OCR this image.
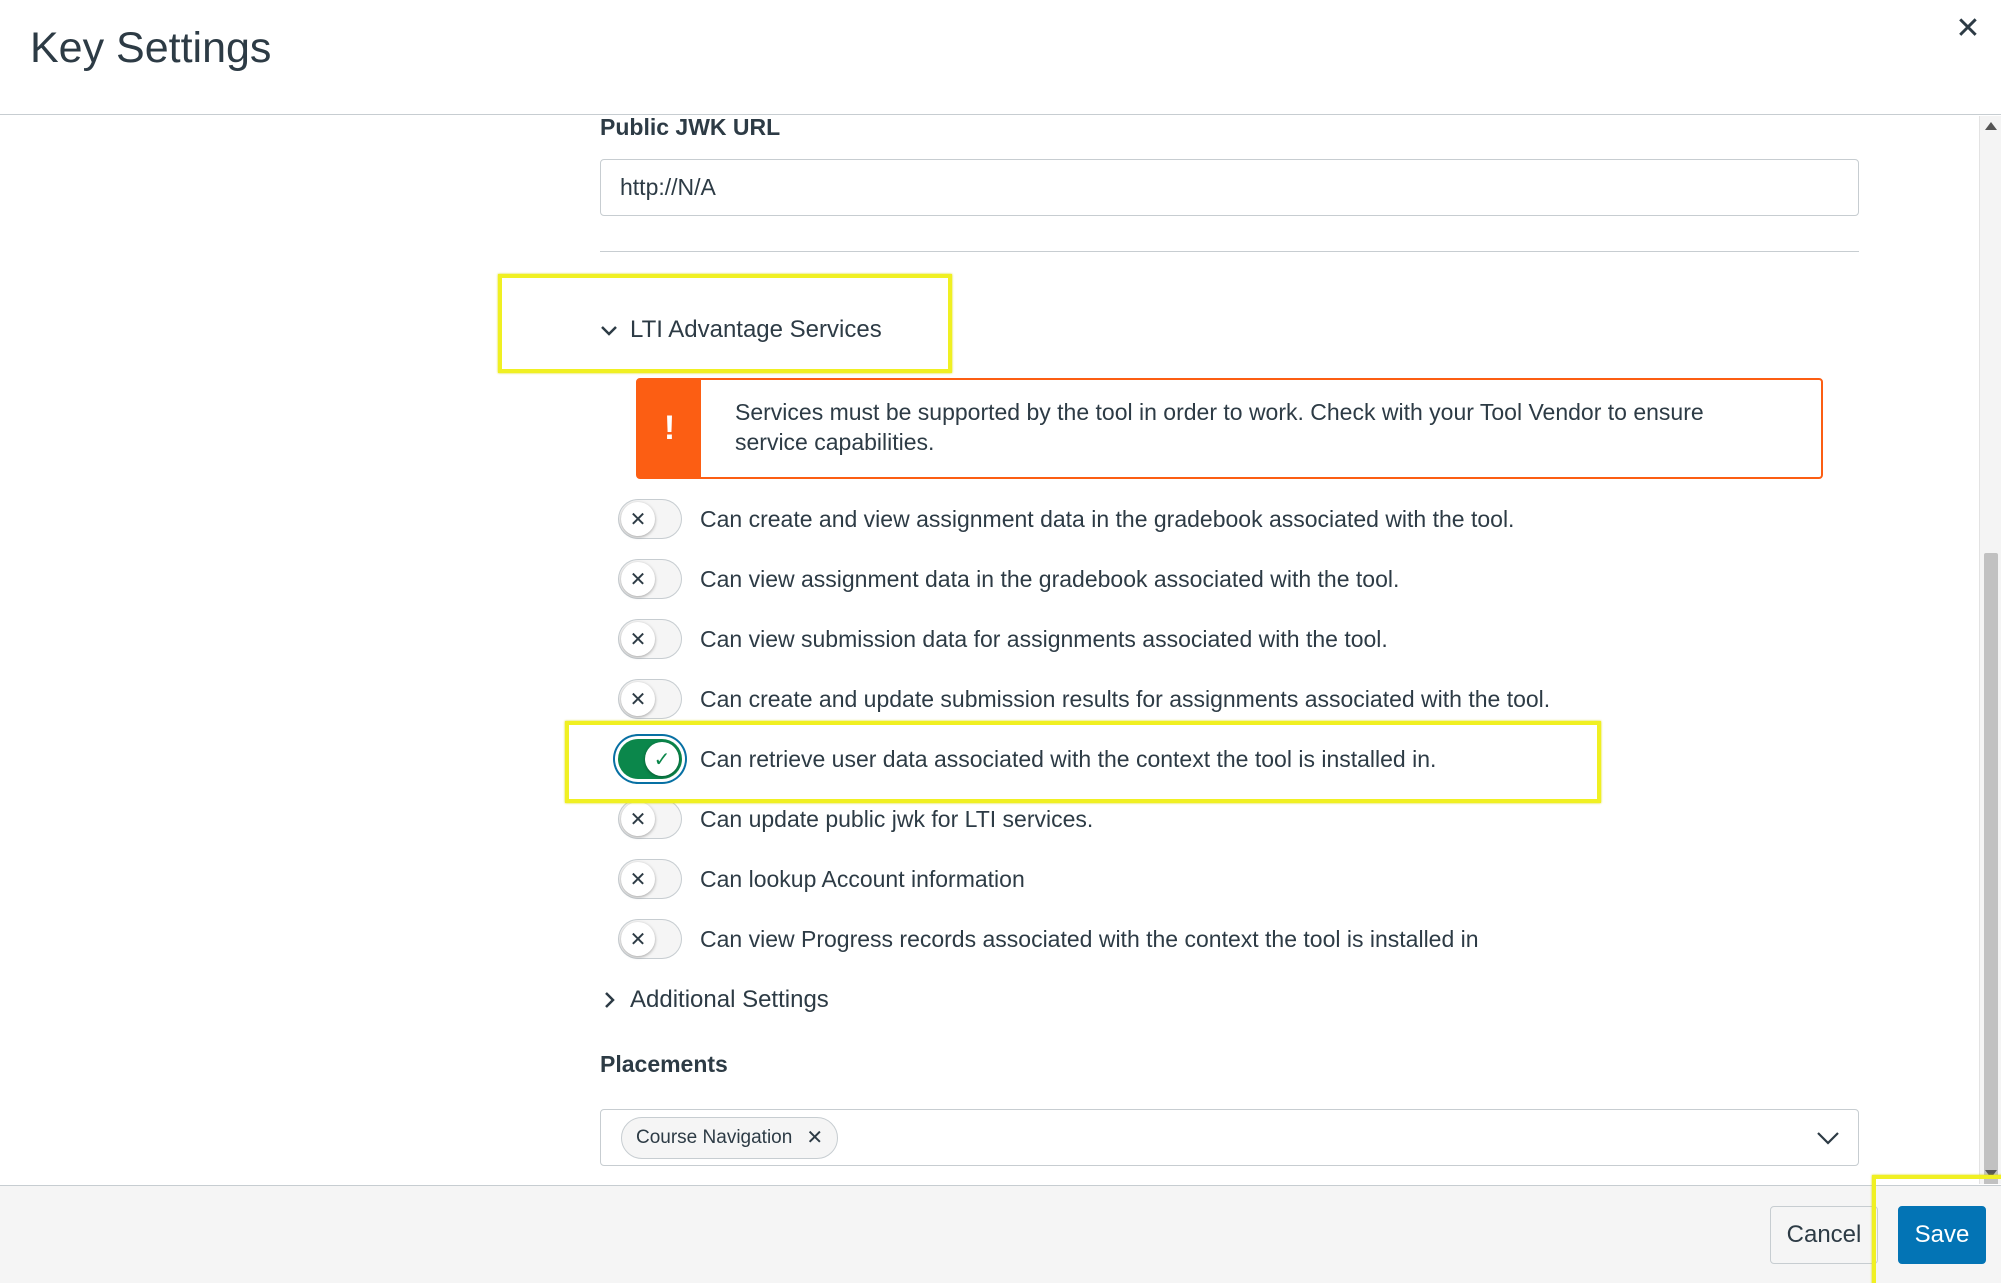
Key Settings	✕
Public JWK URL
http://N/A
LTI Advantage Services
!	Services must be supported by the tool in order to work. Check with your Tool Vendor to ensure service capabilities.
✕	Can create and view assignment data in the gradebook associated with the tool.
✕	Can view assignment data in the gradebook associated with the tool.
✕	Can view submission data for assignments associated with the tool.
✕	Can create and update submission results for assignments associated with the tool.
✓	Can retrieve user data associated with the context the tool is installed in.
✕	Can update public jwk for LTI services.
✕	Can lookup Account information
✕	Can view Progress records associated with the context the tool is installed in
Additional Settings
Placements
Course Navigation ✕
Cancel	Save
